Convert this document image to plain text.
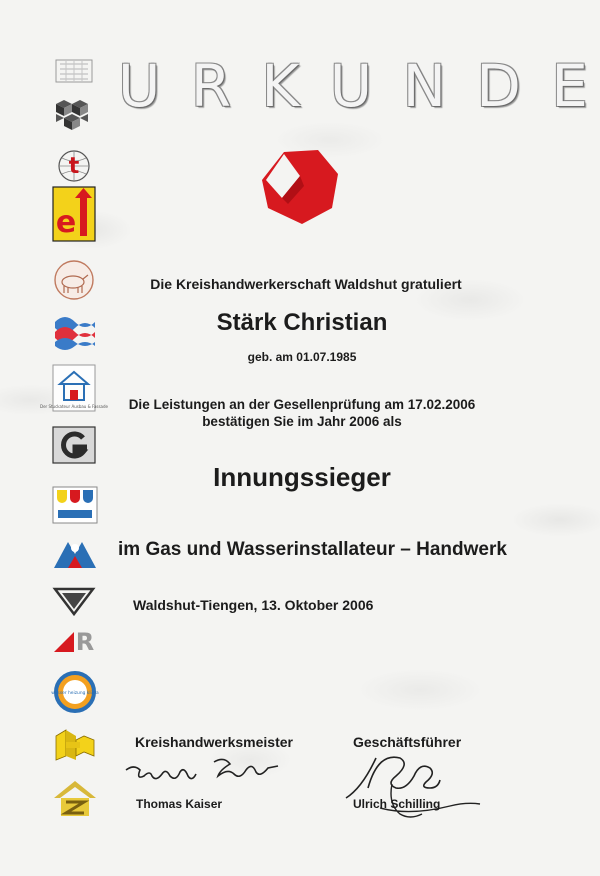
U R K U N D E
t
e
Der Stuckateur Ausbau & Fassade
R
wasser heizung klima
Die Kreishandwerkerschaft Waldshut gratuliert
Stärk Christian
geb. am 01.07.1985
Die Leistungen an der Gesellenprüfung am 17.02.2006
bestätigen Sie im Jahr 2006 als
Innungssieger
im Gas und Wasserinstallateur – Handwerk
Waldshut-Tiengen, 13. Oktober 2006
Kreishandwerksmeister	Geschäftsführer
Thomas Kaiser	Ulrich Schilling
